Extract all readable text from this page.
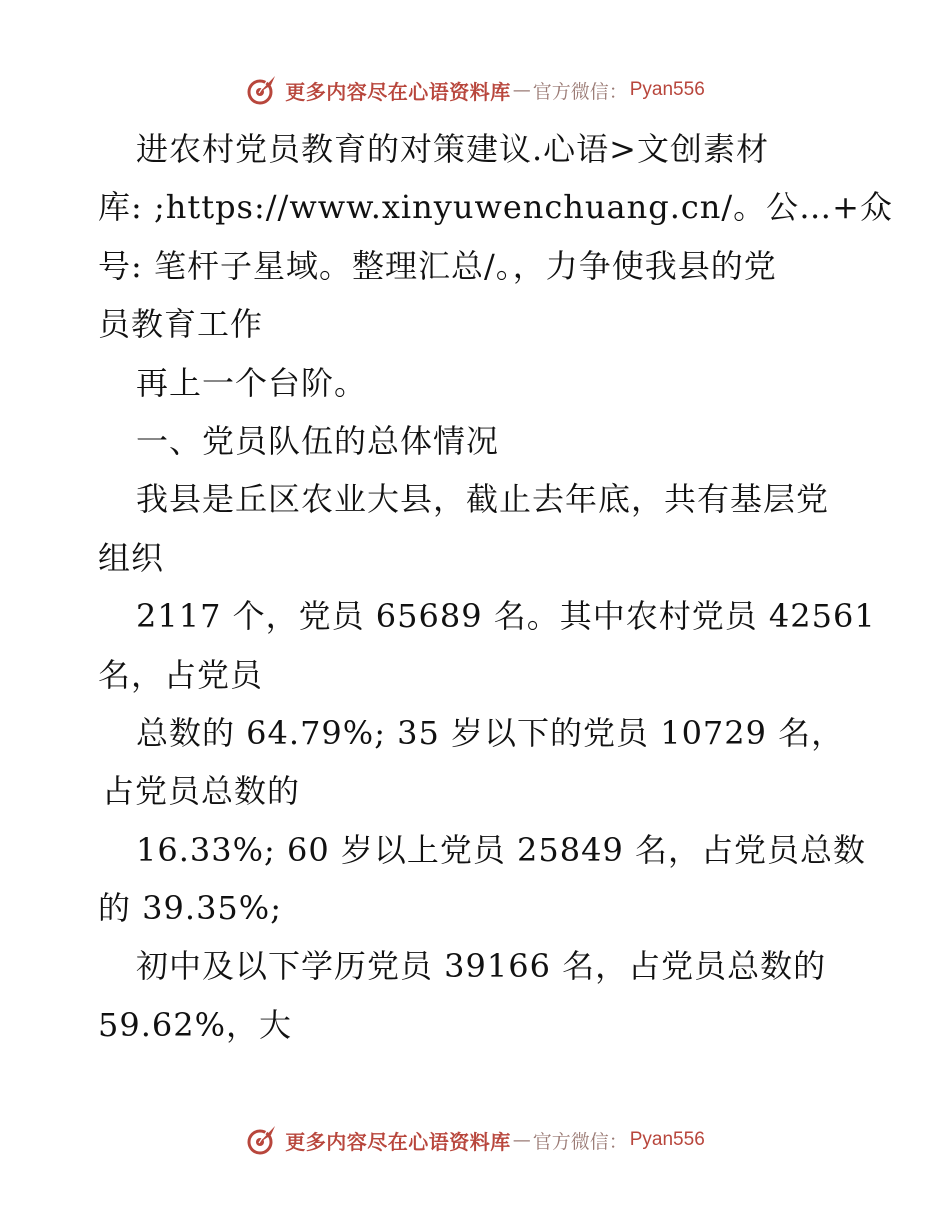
更多内容尽在心语资料库 — 官方微信： Pyan556
进农村党员教育的对策建议.心语>文创素材
库: ;https://www.xinyuwenchuang.cn/。公…+众
号: 笔杆子星域。整理汇总/。，力争使我县的党
员教育工作
再上一个台阶。
一、党员队伍的总体情况
我县是丘区农业大县，截止去年底，共有基层党
组织
2117 个，党员 65689 名。其中农村党员 42561
名，占党员
总数的 64.79%; 35 岁以下的党员 10729 名，
占党员总数的
16.33%; 60 岁以上党员 25849 名，占党员总数
的 39.35%;
初中及以下学历党员 39166 名，占党员总数的
59.62%，大
更多内容尽在心语资料库 — 官方微信： Pyan556
